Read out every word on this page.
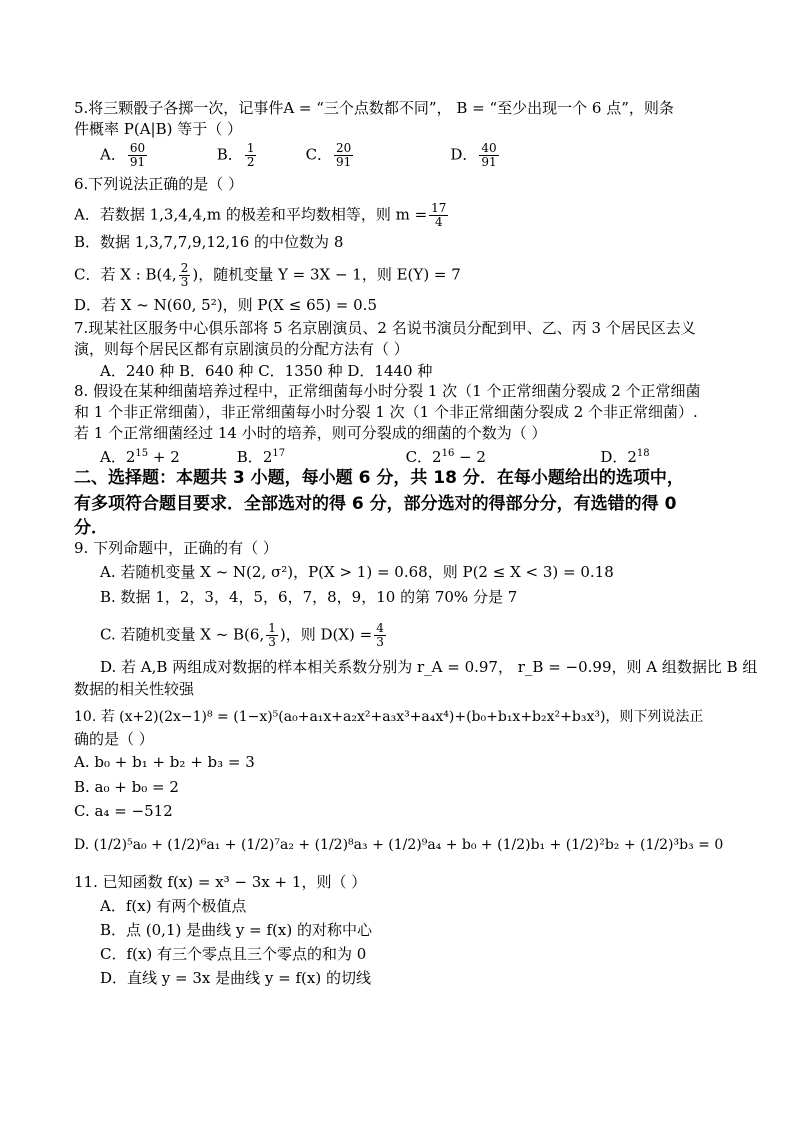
5.将三颗骰子各掷一次，记事件A = “三个点数都不同”， B = “至少出现一个 6 点”，则条
件概率 P(A|B) 等于（ ）
A． $\frac{60}{91}$	B． $\frac{1}{2}$	C． $\frac{20}{91}$	D． $\frac{40}{91}$
6.下列说法正确的是（ ）
A．若数据 1,3,4,4,m 的极差和平均数相等，则 $m = \frac{17}{4}$
B．数据 1,3,7,7,9,12,16 的中位数为 8
C．若 X : B(4, $\frac{2}{3}$ )，随机变量 Y = 3X − 1，则 E(Y) = 7
D．若 X ~ N(60, 5²)，则 P(X ≤ 65) = 0.5
7.现某社区服务中心俱乐部将 5 名京剧演员、2 名说书演员分配到甲、乙、丙 3 个居民区去义
演，则每个居民区都有京剧演员的分配方法有（ ）
A．240 种 B．640 种 C．1350 种 D．1440 种
8. 假设在某种细菌培养过程中，正常细菌每小时分裂 1 次（1 个正常细菌分裂成 2 个正常细菌
和 1 个非正常细菌），非正常细菌每小时分裂 1 次（1 个非正常细菌分裂成 2 个非正常细菌）.
若 1 个正常细菌经过 14 小时的培养，则可分裂成的细菌的个数为（ ）
A．$2^{15} + 2$	B．$2^{17}$	C．$2^{16} - 2$	D．$2^{18}$
二、选择题：本题共 3 小题，每小题 6 分，共 18 分．在每小题给出的选项中，
有多项符合题目要求．全部选对的得 6 分，部分选对的得部分分，有选错的得 0
分．
9. 下列命题中，正确的有（ ）
A. 若随机变量 X ~ N(2, σ²)，P(X > 1) = 0.68，则 P(2 ≤ X < 3) = 0.18
B. 数据 1，2，3，4，5，6，7，8，9，10 的第 70% 分是 7
C. 若随机变量 X ~ B(6, $\frac{1}{3}$ )，则 $D(X) = \frac{4}{3}$
D. 若 A,B 两组成对数据的样本相关系数分别为 r_A = 0.97， r_B = −0.99，则 A 组数据比 B 组
数据的相关性较强
10. 若 (x+2)(2x−1)⁸ = (1−x)⁵(a₀+a₁x+a₂x²+a₃x³+a₄x⁴)+(b₀+b₁x+b₂x²+b₃x³)，则下列说法正
确的是（ ）
A. b₀ + b₁ + b₂ + b₃ = 3
B. a₀ + b₀ = 2
C. a₄ = −512
D. (1/2)⁵a₀ + (1/2)⁶a₁ + (1/2)⁷a₂ + (1/2)⁸a₃ + (1/2)⁹a₄ + b₀ + (1/2)b₁ + (1/2)²b₂ + (1/2)³b₃ = 0
11. 已知函数 f(x) = x³ − 3x + 1，则（ ）
A．f(x) 有两个极值点
B．点 (0,1) 是曲线 y = f(x) 的对称中心
C．f(x) 有三个零点且三个零点的和为 0
D．直线 y = 3x 是曲线 y = f(x) 的切线
